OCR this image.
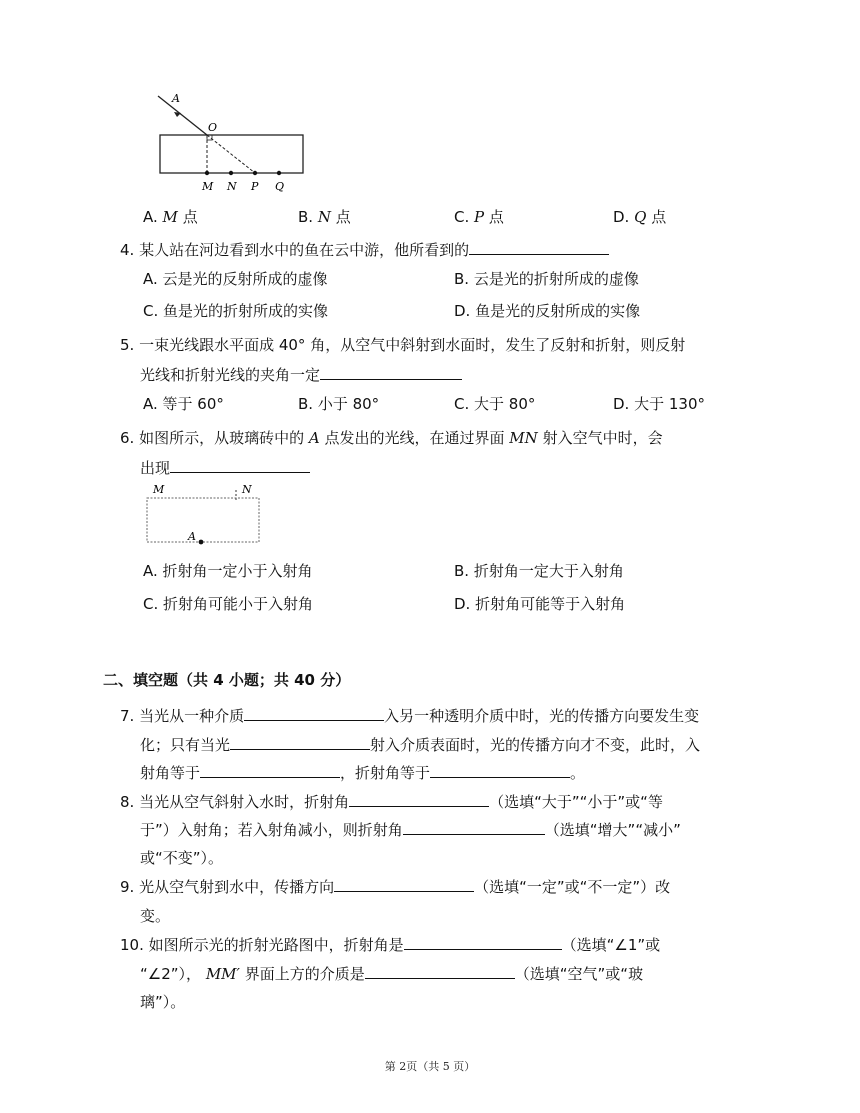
A
O
M N P Q
A. M 点	B. N 点	C. P 点	D. Q 点
4. 某人站在河边看到水中的鱼在云中游，他所看到的
A. 云是光的反射所成的虚像	B. 云是光的折射所成的虚像
C. 鱼是光的折射所成的实像	D. 鱼是光的反射所成的实像
5. 一束光线跟水平面成 40° 角，从空气中斜射到水面时，发生了反射和折射，则反射
光线和折射光线的夹角一定
A. 等于 60°	B. 小于 80°	C. 大于 80°	D. 大于 130°
6. 如图所示，从玻璃砖中的 A 点发出的光线，在通过界面 MN 射入空气中时，会
出现
M	N
A
A. 折射角一定小于入射角	B. 折射角一定大于入射角
C. 折射角可能小于入射角	D. 折射角可能等于入射角
二、填空题（共 4 小题；共 40 分）
7. 当光从一种介质	入另一种透明介质中时，光的传播方向要发生变
化；只有当光	射入介质表面时，光的传播方向才不变，此时，入
射角等于	，折射角等于	。
8. 当光从空气斜射入水时，折射角	（选填“大于”“小于”或“等
于”）入射角；若入射角减小，则折射角	（选填“增大”“减小”
或“不变”）。
9. 光从空气射到水中，传播方向	（选填“一定”或“不一定”）改
变。
10. 如图所示光的折射光路图中，折射角是	（选填“∠1”或
“∠2”）， MM′ 界面上方的介质是	（选填“空气”或“玻
璃”）。
第 2页（共 5 页）
